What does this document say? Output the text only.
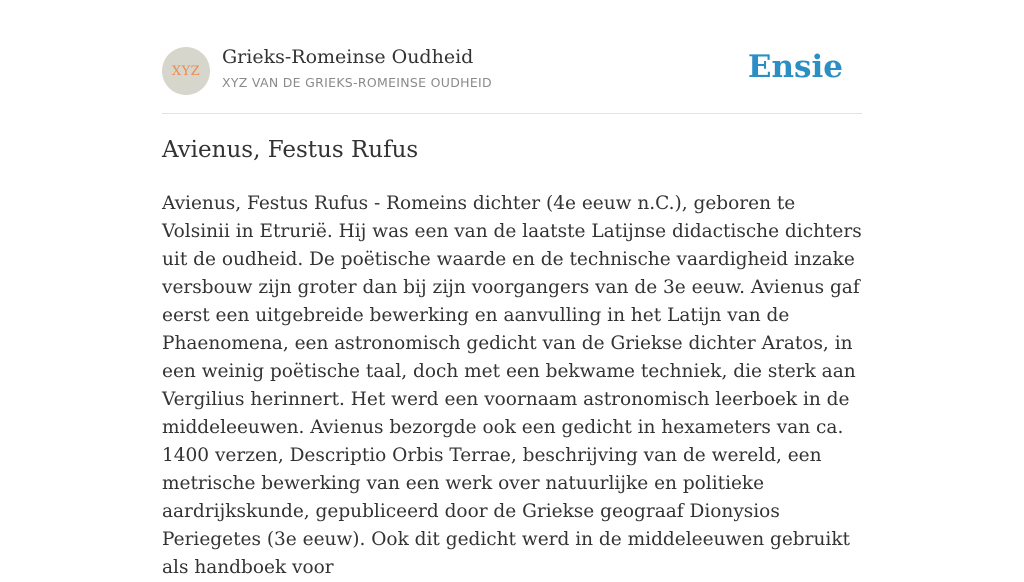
XYZ
Grieks-Romeinse Oudheid
XYZ VAN DE GRIEKS-ROMEINSE OUDHEID	Ensie
Avienus, Festus Rufus

Avienus, Festus Rufus - Romeins dichter (4e eeuw n.C.), geboren te Volsinii in Etrurië. Hij was een van de laatste Latijnse didactische dichters uit de oudheid. De poëtische waarde en de technische vaardigheid inzake versbouw zijn groter dan bij zijn voorgangers van de 3e eeuw. Avienus gaf eerst een uitgebreide bewerking en aanvulling in het Latijn van de Phaenomena, een astronomisch gedicht van de Griekse dichter Aratos, in een weinig poëtische taal, doch met een bekwame techniek, die sterk aan Vergilius herinnert. Het werd een voornaam astronomisch leerboek in de middeleeuwen. Avienus bezorgde ook een gedicht in hexameters van ca. 1400 verzen, Descriptio Orbis Terrae, beschrijving van de wereld, een metrische bewerking van een werk over natuurlijke en politieke aardrijkskunde, gepubliceerd door de Griekse geograaf Dionysios Periegetes (3e eeuw). Ook dit gedicht werd in de middeleeuwen gebruikt als handboek voor
